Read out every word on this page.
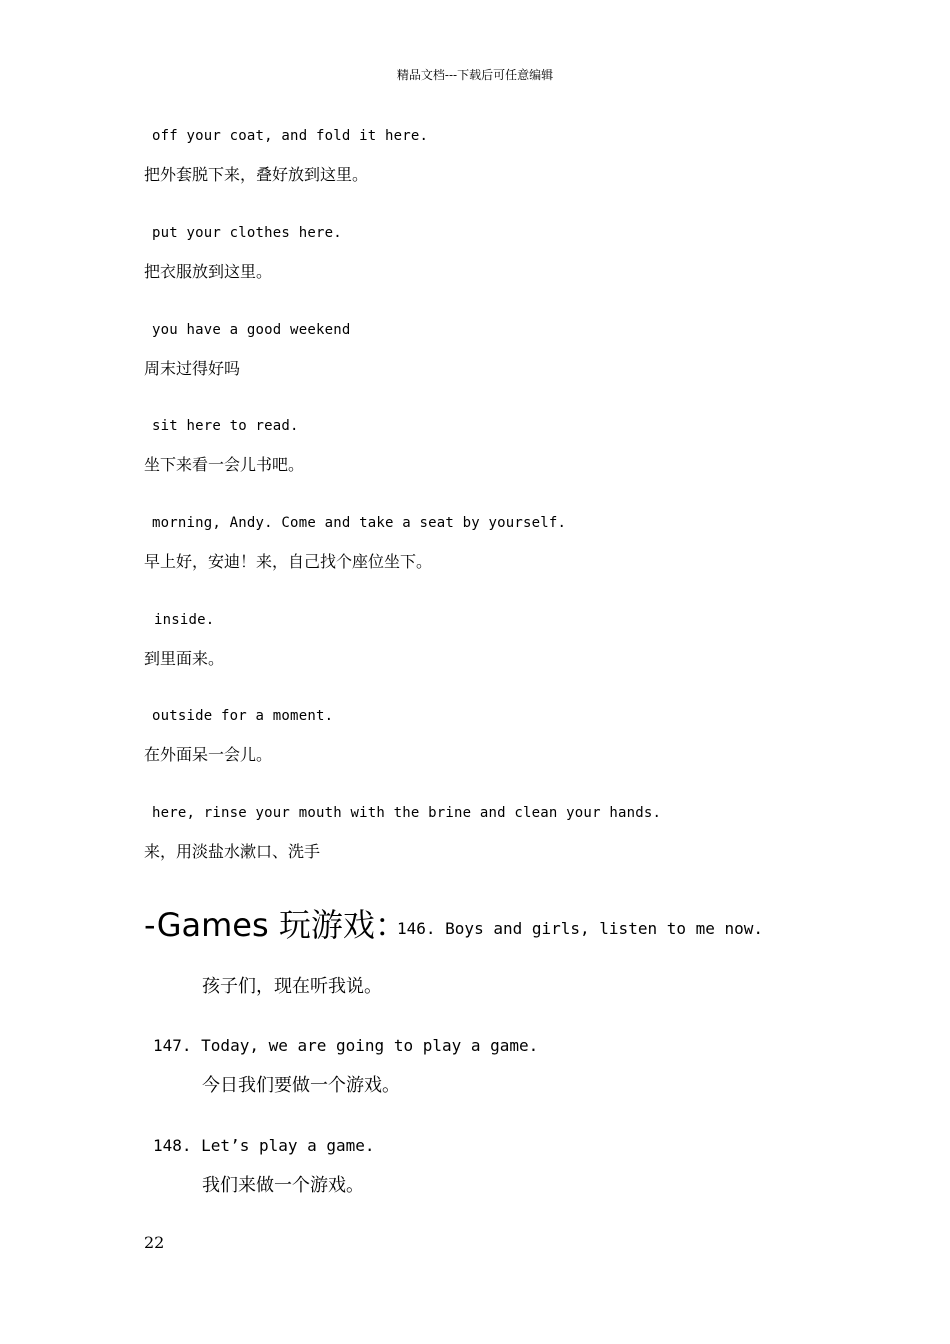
精品文档---下载后可任意编辑
off your coat, and fold it here.
把外套脱下来，叠好放到这里。
put your clothes here.
把衣服放到这里。
you have a good weekend
周末过得好吗
sit here to read.
坐下来看一会儿书吧。
morning, Andy. Come and take a seat by yourself.
早上好，安迪！来，自己找个座位坐下。
inside.
到里面来。
outside for a moment.
在外面呆一会儿。
here, rinse your mouth with the brine and clean your hands.
来，用淡盐水漱口、洗手
-Games 玩游戏：
146. Boys and girls, listen to me now.
孩子们，现在听我说。
147. Today, we are going to play a game.
今日我们要做一个游戏。
148. Let’s play a game.
我们来做一个游戏。
22
